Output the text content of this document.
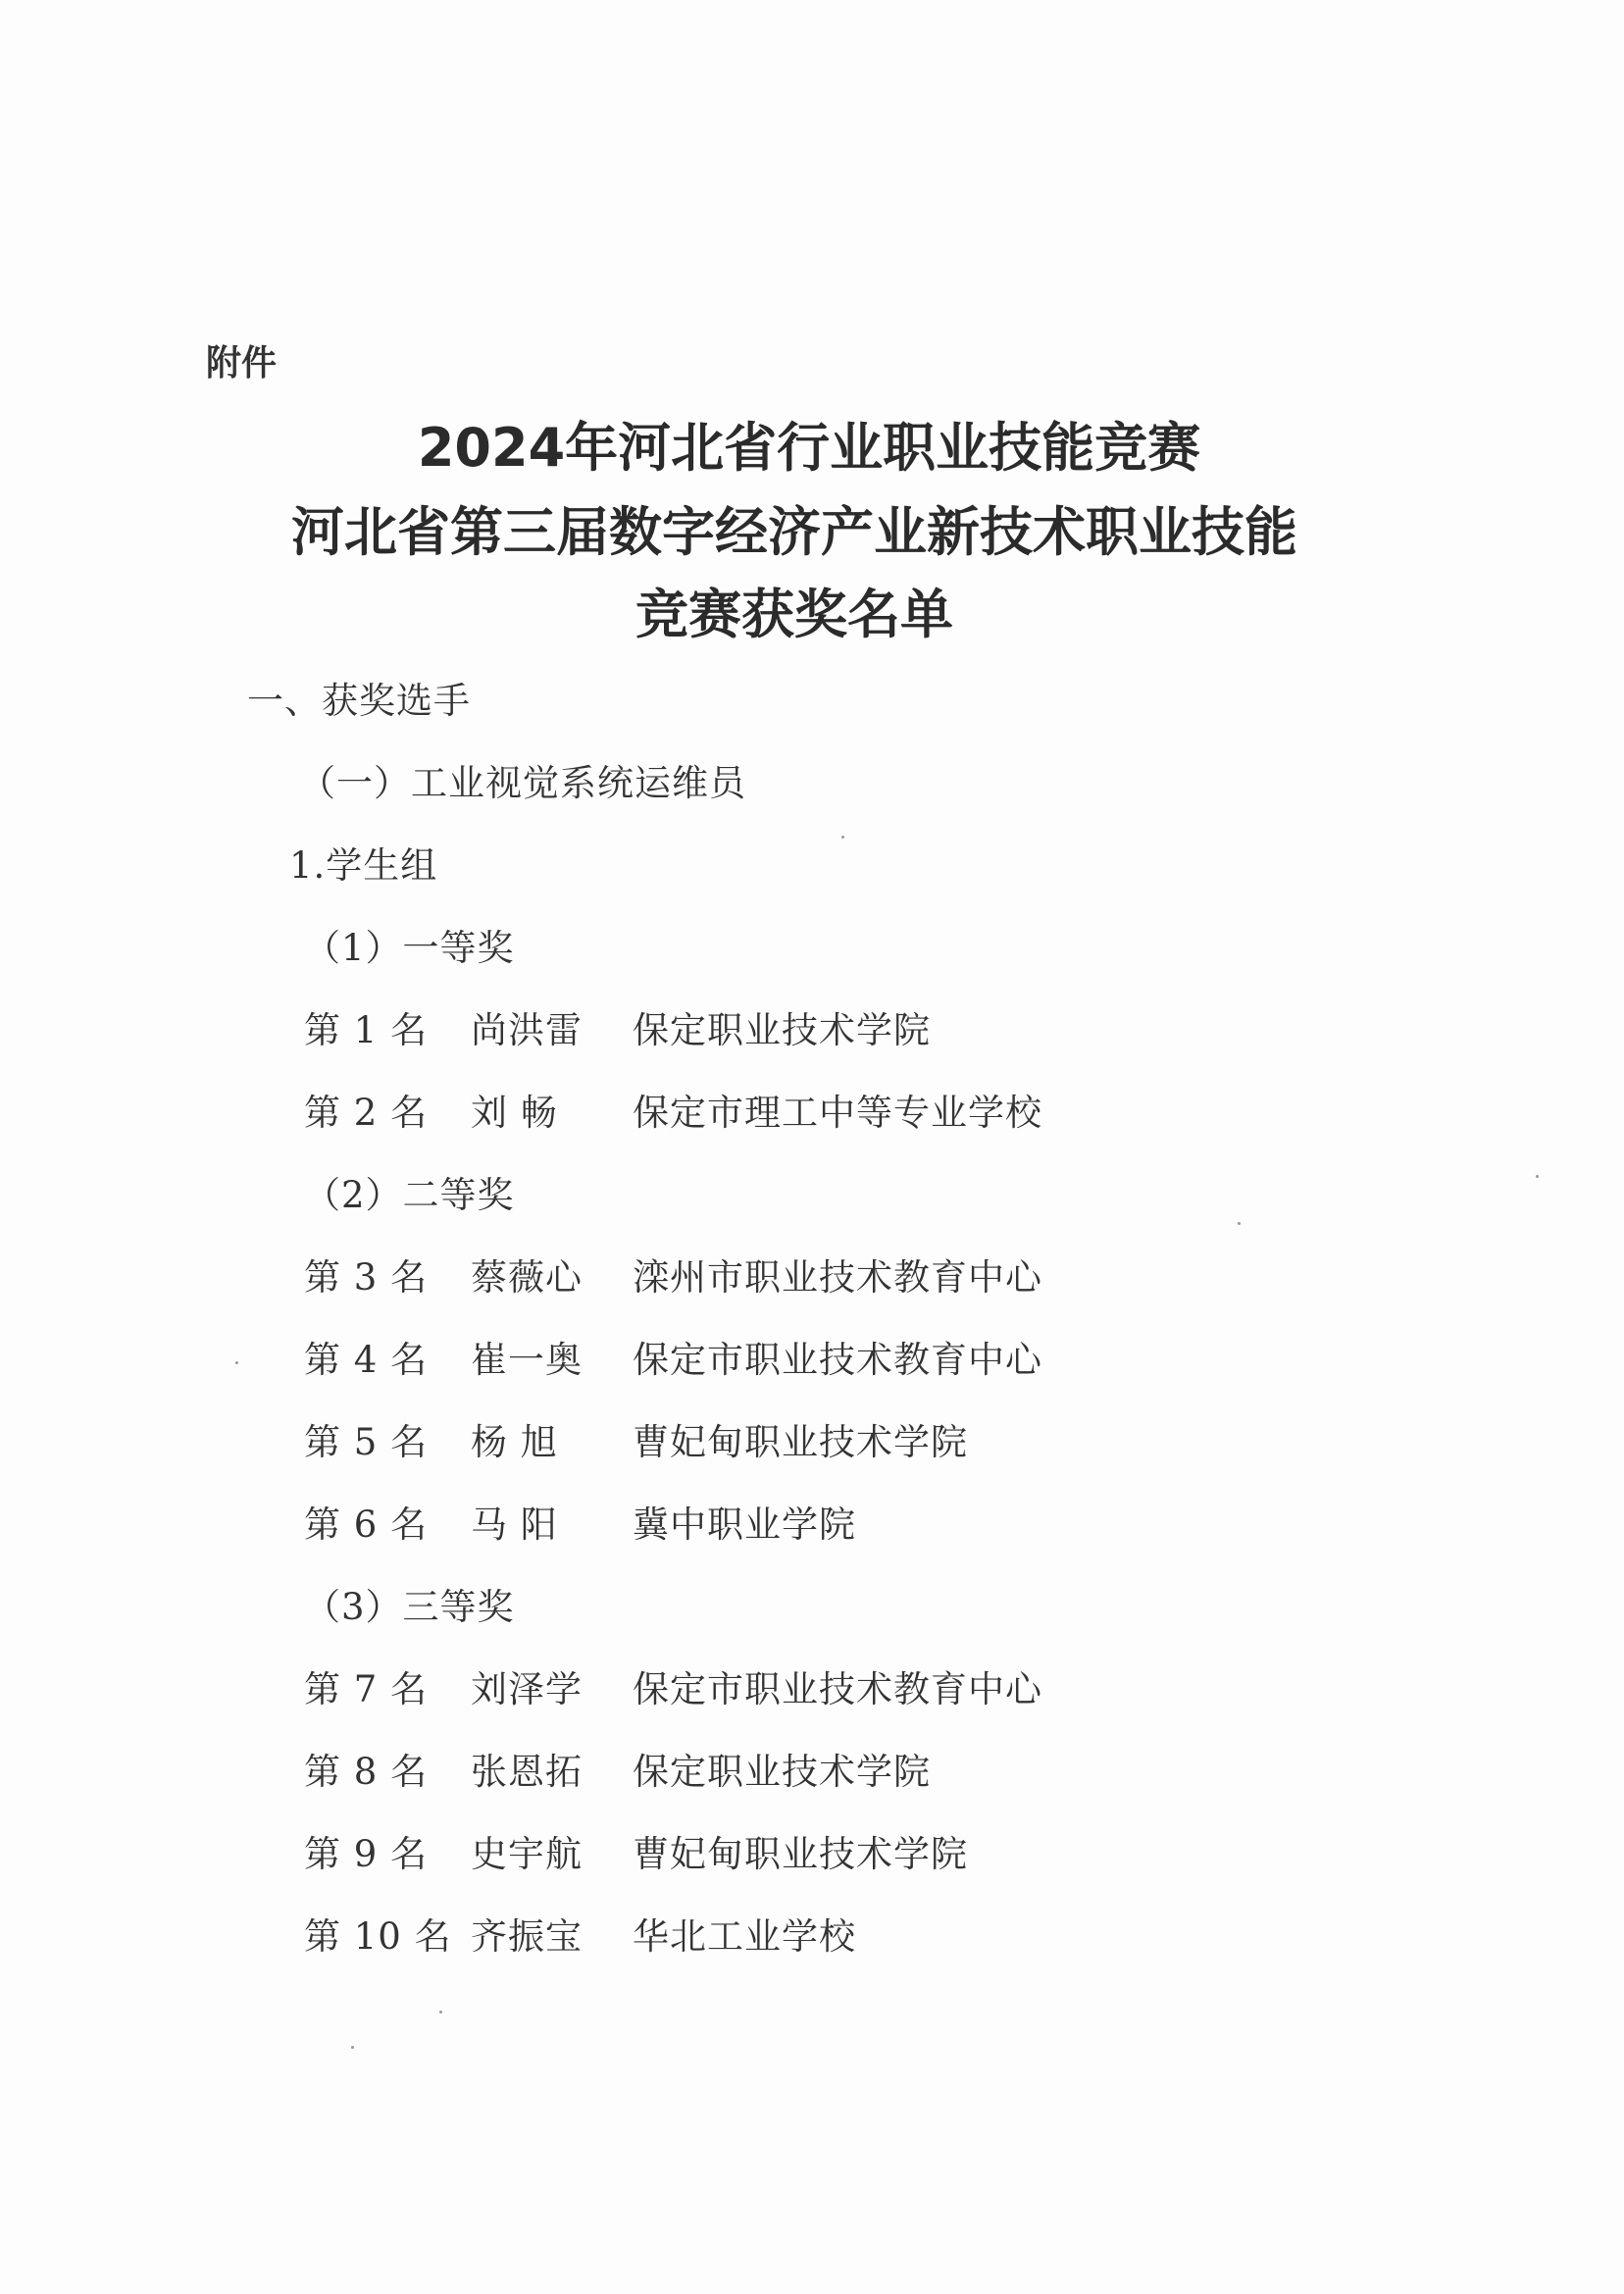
附件
2024年河北省行业职业技能竞赛
河北省第三届数字经济产业新技术职业技能
竞赛获奖名单
一、获奖选手
（一）工业视觉系统运维员
1.学生组
（1）一等奖
第 1 名 尚洪雷 保定职业技术学院
第 2 名 刘 畅 保定市理工中等专业学校
（2）二等奖
第 3 名 蔡薇心 滦州市职业技术教育中心
第 4 名 崔一奥 保定市职业技术教育中心
第 5 名 杨 旭 曹妃甸职业技术学院
第 6 名 马 阳 冀中职业学院
（3）三等奖
第 7 名 刘泽学 保定市职业技术教育中心
第 8 名 张恩拓 保定职业技术学院
第 9 名 史宇航 曹妃甸职业技术学院
第 10 名 齐振宝 华北工业学校
